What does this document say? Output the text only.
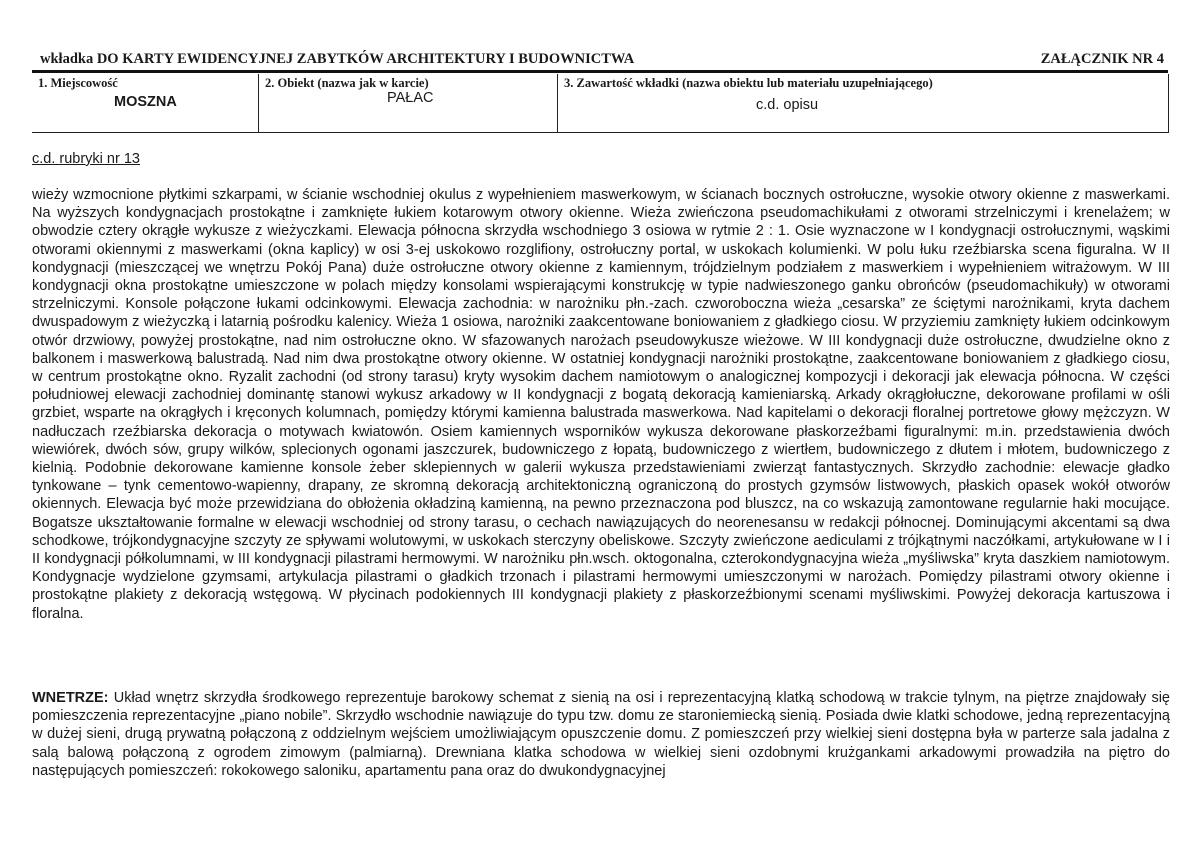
wkładka DO KARTY EWIDENCYJNEJ ZABYTKÓW ARCHITEKTURY I BUDOWNICTWA	ZAŁĄCZNIK NR 4
1. Miejscowość
MOSZNA
2. Obiekt (nazwa jak w karcie)
PAŁAC
3. Zawartość wkładki (nazwa obiektu lub materiału uzupełniającego)
c.d. opisu
c.d. rubryki nr 13

wieży wzmocnione płytkimi szkarpami, w ścianie wschodniej okulus z wypełnieniem maswerkowym, w ścianach bocznych ostrołuczne, wysokie otwory okienne z maswerkami. Na wyższych kondygnacjach prostokątne i zamknięte łukiem kotarowym otwory okienne. Wieża zwieńczona pseudomachikułami z otworami strzelniczymi i krenelażem; w obwodzie cztery okrągłe wykusze z wieżyczkami. Elewacja północna skrzydła wschodniego 3 osiowa w rytmie 2 : 1. Osie wyznaczone w I kondygnacji ostrołucznymi, wąskimi otworami okiennymi z maswerkami (okna kaplicy) w osi 3-ej uskokowo rozglifiony, ostrołuczny portal, w uskokach kolumienki. W polu łuku rzeźbiarska scena figuralna. W II kondygnacji (mieszczącej we wnętrzu Pokój Pana) duże ostrołuczne otwory okienne z kamiennym, trójdzielnym podziałem z maswerkiem i wypełnieniem witrażowym. W III kondygnacji okna prostokątne umieszczone w polach między konsolami wspierającymi konstrukcję w typie nadwieszonego ganku obrońców (pseudomachikuły) w otworami strzelniczymi. Konsole połączone łukami odcinkowymi. Elewacja zachodnia: w narożniku płn.-zach. czworoboczna wieża „cesarska” ze ściętymi narożnikami, kryta dachem dwuspadowym z wieżyczką i latarnią pośrodku kalenicy. Wieża 1 osiowa, narożniki zaakcentowane boniowaniem z gładkiego ciosu. W przyziemiu zamknięty łukiem odcinkowym otwór drzwiowy, powyżej prostokątne, nad nim ostrołuczne okno. W sfazowanych narożach pseudowykusze wieżowe. W III kondygnacji duże ostrołuczne, dwudzielne okno z balkonem i maswerkową balustradą. Nad nim dwa prostokątne otwory okienne. W ostatniej kondygnacji narożniki prostokątne, zaakcentowane boniowaniem z gładkiego ciosu, w centrum prostokątne okno. Ryzalit zachodni (od strony tarasu) kryty wysokim dachem namiotowym o analogicznej kompozycji i dekoracji jak elewacja północna. W części południowej elewacji zachodniej dominantę stanowi wykusz arkadowy w II kondygnacji z bogatą dekoracją kamieniarską. Arkady okrągłołuczne, dekorowane profilami w ośli grzbiet, wsparte na okrągłych i kręconych kolumnach, pomiędzy którymi kamienna balustrada maswerkowa. Nad kapitelami o dekoracji floralnej portretowe głowy mężczyzn. W nadłuczach rzeźbiarska dekoracja o motywach kwiatowón. Osiem kamiennych wsporników wykusza dekorowane płaskorzeźbami figuralnymi: m.in. przedstawienia dwóch wiewiórek, dwóch sów, grupy wilków, splecionych ogonami jaszczurek, budowniczego z łopatą, budowniczego z wiertłem, budowniczego z dłutem i młotem, budowniczego z kielnią. Podobnie dekorowane kamienne konsole żeber sklepiennych w galerii wykusza przedstawieniami zwierząt fantastycznych. Skrzydło zachodnie: elewacje gładko tynkowane – tynk cementowo-wapienny, drapany, ze skromną dekoracją architektoniczną ograniczoną do prostych gzymsów listwowych, płaskich opasek wokół otworów okiennych. Elewacja być może przewidziana do obłożenia okładziną kamienną, na pewno przeznaczona pod bluszcz, na co wskazują zamontowane regularnie haki mocujące. Bogatsze ukształtowanie formalne w elewacji wschodniej od strony tarasu, o cechach nawiązujących do neorenesansu w redakcji północnej. Dominującymi akcentami są dwa schodkowe, trójkondygnacyjne szczyty ze spływami wolutowymi, w uskokach sterczyny obeliskowe. Szczyty zwieńczone aediculami z trójkątnymi naczółkami, artykułowane w I i II kondygnacji półkolumnami, w III kondygnacji pilastrami hermowymi. W narożniku płn.wsch. oktogonalna, czterokondygnacyjna wieża „myśliwska” kryta daszkiem namiotowym. Kondygnacje wydzielone gzymsami, artykulacja pilastrami o gładkich trzonach i pilastrami hermowymi umieszczonymi w narożach. Pomiędzy pilastrami otwory okienne i prostokątne plakiety z dekoracją wstęgową. W płycinach podokiennych III kondygnacji plakiety z płaskorzeźbionymi scenami myśliwskimi. Powyżej dekoracja kartuszowa i floralna.

WNETRZE: Układ wnętrz skrzydła środkowego reprezentuje barokowy schemat z sienią na osi i reprezentacyjną klatką schodową w trakcie tylnym, na piętrze znajdowały się pomieszczenia reprezentacyjne „piano nobile”. Skrzydło wschodnie nawiązuje do typu tzw. domu ze staroniemiecką sienią. Posiada dwie klatki schodowe, jedną reprezentacyjną w dużej sieni, drugą prywatną połączoną z oddzielnym wejściem umożliwiającym opuszczenie domu. Z pomieszczeń przy wielkiej sieni dostępna była w parterze sala jadalna z salą balową połączoną z ogrodem zimowym (palmiarną). Drewniana klatka schodowa w wielkiej sieni ozdobnymi krużgankami arkadowymi prowadziła na piętro do następujących pomieszczeń: rokokowego saloniku, apartamentu pana oraz do dwukondygnacyjnej
